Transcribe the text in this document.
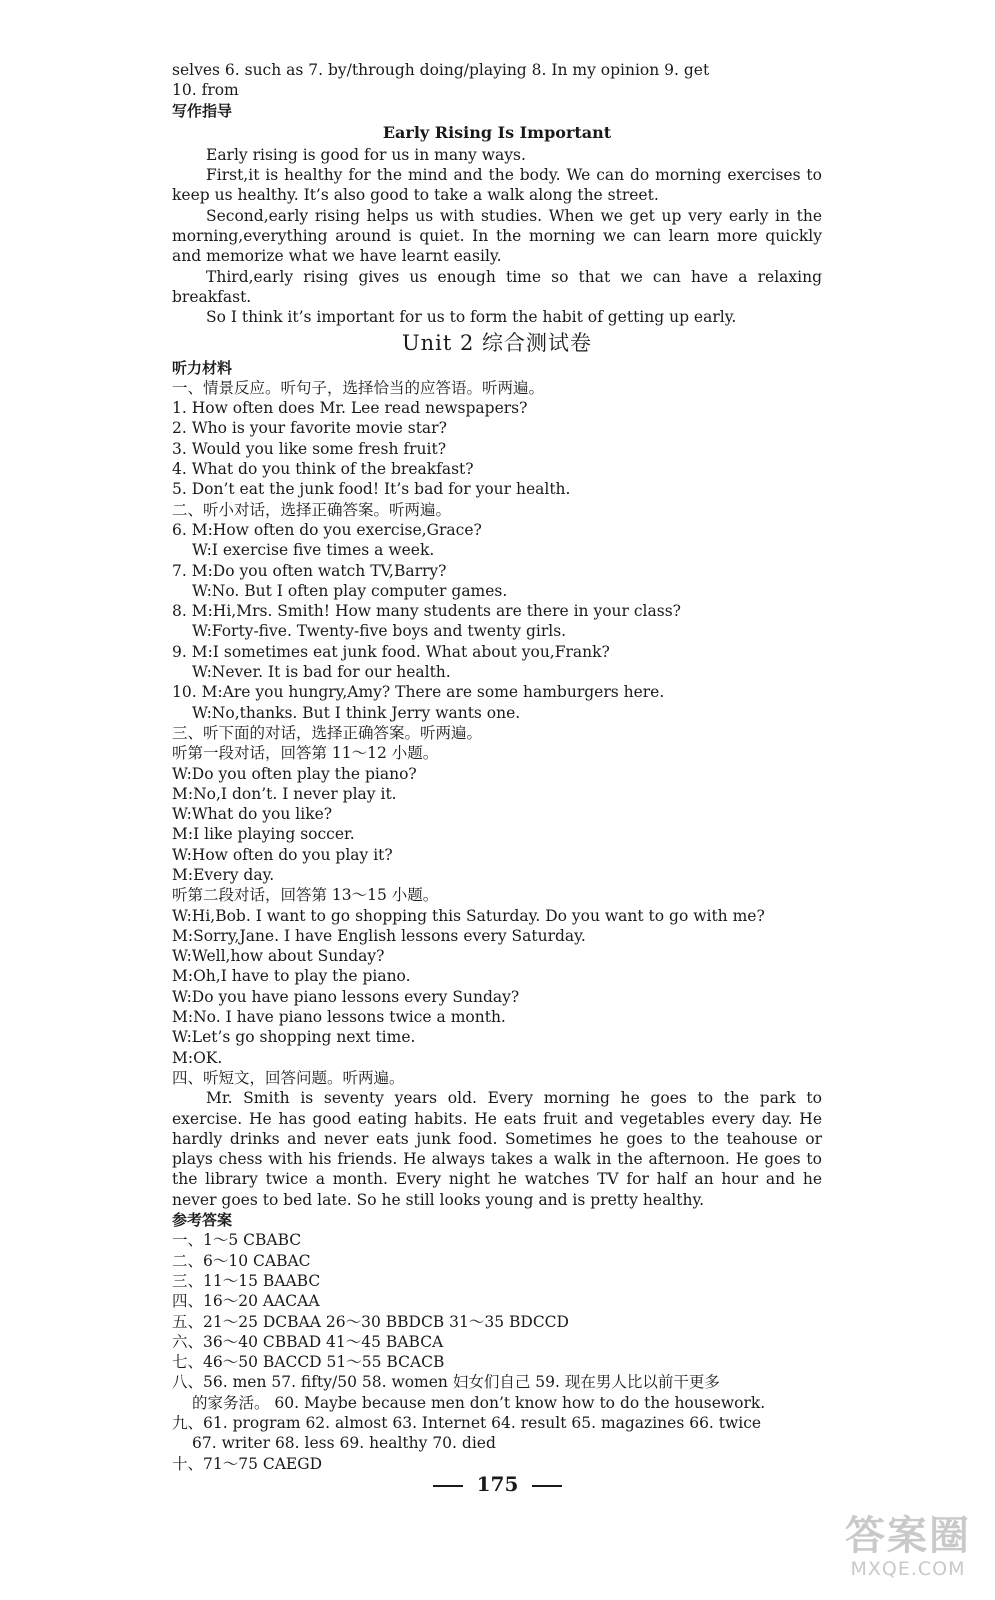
selves 6. such as 7. by/through doing/playing 8. In my opinion 9. get
10. from
写作指导
Early Rising Is Important
Early rising is good for us in many ways.
First,it is healthy for the mind and the body. We can do morning exercises to keep us healthy. It’s also good to take a walk along the street.
Second,early rising helps us with studies. When we get up very early in the morning,everything around is quiet. In the morning we can learn more quickly and memorize what we have learnt easily.
Third,early rising gives us enough time so that we can have a relaxing breakfast.
So I think it’s important for us to form the habit of getting up early.
Unit 2 综合测试卷
听力材料
一、情景反应。听句子，选择恰当的应答语。听两遍。
1. How often does Mr. Lee read newspapers?
2. Who is your favorite movie star?
3. Would you like some fresh fruit?
4. What do you think of the breakfast?
5. Don’t eat the junk food! It’s bad for your health.
二、听小对话，选择正确答案。听两遍。
6. M:How often do you exercise,Grace?
W:I exercise five times a week.
7. M:Do you often watch TV,Barry?
W:No. But I often play computer games.
8. M:Hi,Mrs. Smith! How many students are there in your class?
W:Forty-five. Twenty-five boys and twenty girls.
9. M:I sometimes eat junk food. What about you,Frank?
W:Never. It is bad for our health.
10. M:Are you hungry,Amy? There are some hamburgers here.
W:No,thanks. But I think Jerry wants one.
三、听下面的对话，选择正确答案。听两遍。
听第一段对话，回答第 11～12 小题。
W:Do you often play the piano?
M:No,I don’t. I never play it.
W:What do you like?
M:I like playing soccer.
W:How often do you play it?
M:Every day.
听第二段对话，回答第 13～15 小题。
W:Hi,Bob. I want to go shopping this Saturday. Do you want to go with me?
M:Sorry,Jane. I have English lessons every Saturday.
W:Well,how about Sunday?
M:Oh,I have to play the piano.
W:Do you have piano lessons every Sunday?
M:No. I have piano lessons twice a month.
W:Let’s go shopping next time.
M:OK.
四、听短文，回答问题。听两遍。
Mr. Smith is seventy years old. Every morning he goes to the park to exercise. He has good eating habits. He eats fruit and vegetables every day. He hardly drinks and never eats junk food. Sometimes he goes to the teahouse or plays chess with his friends. He always takes a walk in the afternoon. He goes to the library twice a month. Every night he watches TV for half an hour and he never goes to bed late. So he still looks young and is pretty healthy.
参考答案
一、1～5 CBABC
二、6～10 CABAC
三、11～15 BAABC
四、16～20 AACAA
五、21～25 DCBAA 26～30 BBDCB 31～35 BDCCD
六、36～40 CBBAD 41～45 BABCA
七、46～50 BACCD 51～55 BCACB
八、56. men 57. fifty/50 58. women 妇女们自己 59. 现在男人比以前干更多
的家务活。 60. Maybe because men don’t know how to do the housework.
九、61. program 62. almost 63. Internet 64. result 65. magazines 66. twice
67. writer 68. less 69. healthy 70. died
十、71～75 CAEGD
175
答案圈
MXQE.COM
